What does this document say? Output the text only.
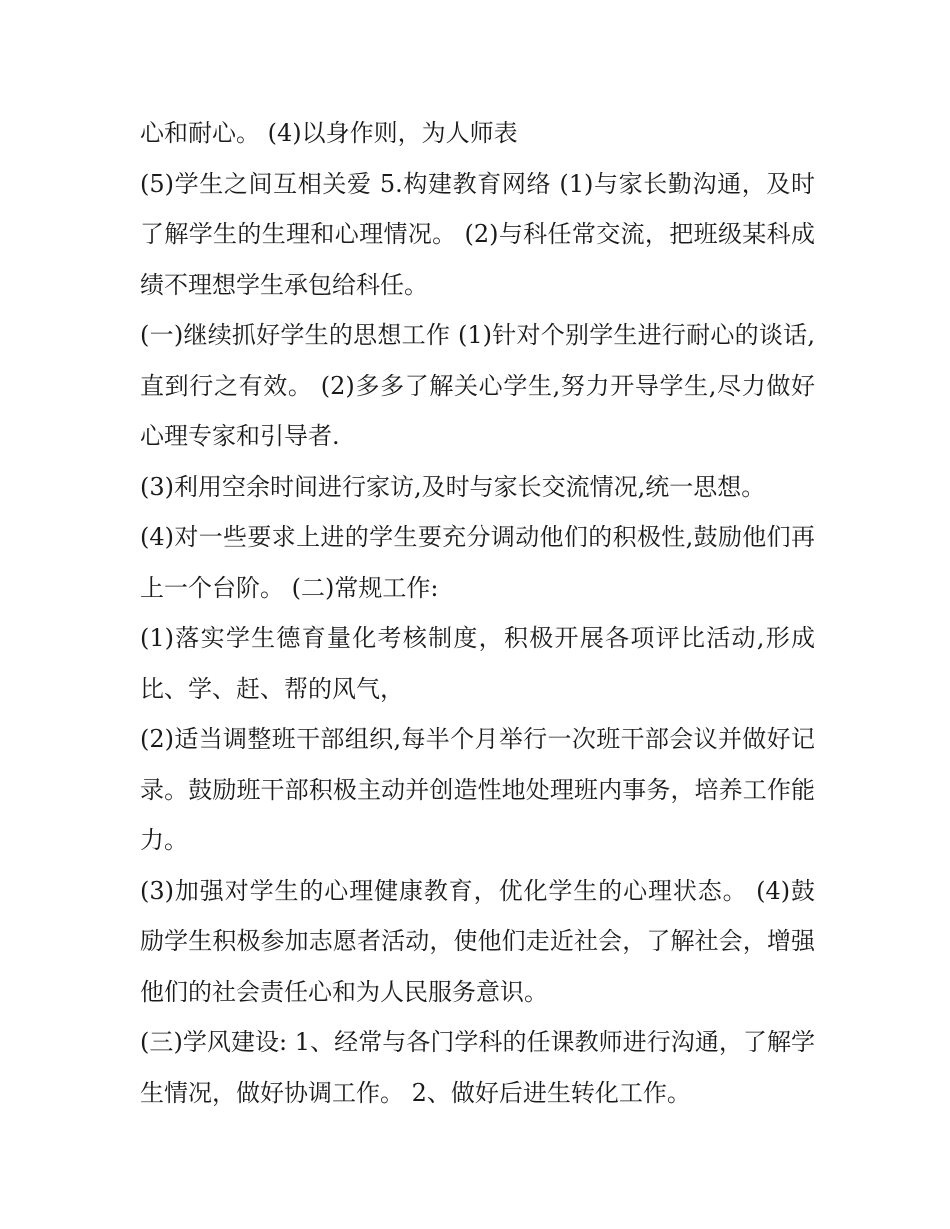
心和耐心。 (4)以身作则，为人师表

(5)学生之间互相关爱 5.构建教育网络 (1)与家长勤沟通，及时了解学生的生理和心理情况。 (2)与科任常交流，把班级某科成绩不理想学生承包给科任。

(一)继续抓好学生的思想工作 (1)针对个别学生进行耐心的谈话,直到行之有效。 (2)多多了解关心学生,努力开导学生,尽力做好心理专家和引导者.

(3)利用空余时间进行家访,及时与家长交流情况,统一思想。

(4)对一些要求上进的学生要充分调动他们的积极性,鼓励他们再上一个台阶。 (二)常规工作:

(1)落实学生德育量化考核制度，积极开展各项评比活动,形成比、学、赶、帮的风气，

(2)适当调整班干部组织,每半个月举行一次班干部会议并做好记录。鼓励班干部积极主动并创造性地处理班内事务，培养工作能力。

(3)加强对学生的心理健康教育，优化学生的心理状态。 (4)鼓励学生积极参加志愿者活动，使他们走近社会，了解社会，增强他们的社会责任心和为人民服务意识。

(三)学风建设: 1、经常与各门学科的任课教师进行沟通，了解学生情况，做好协调工作。 2、做好后进生转化工作。
